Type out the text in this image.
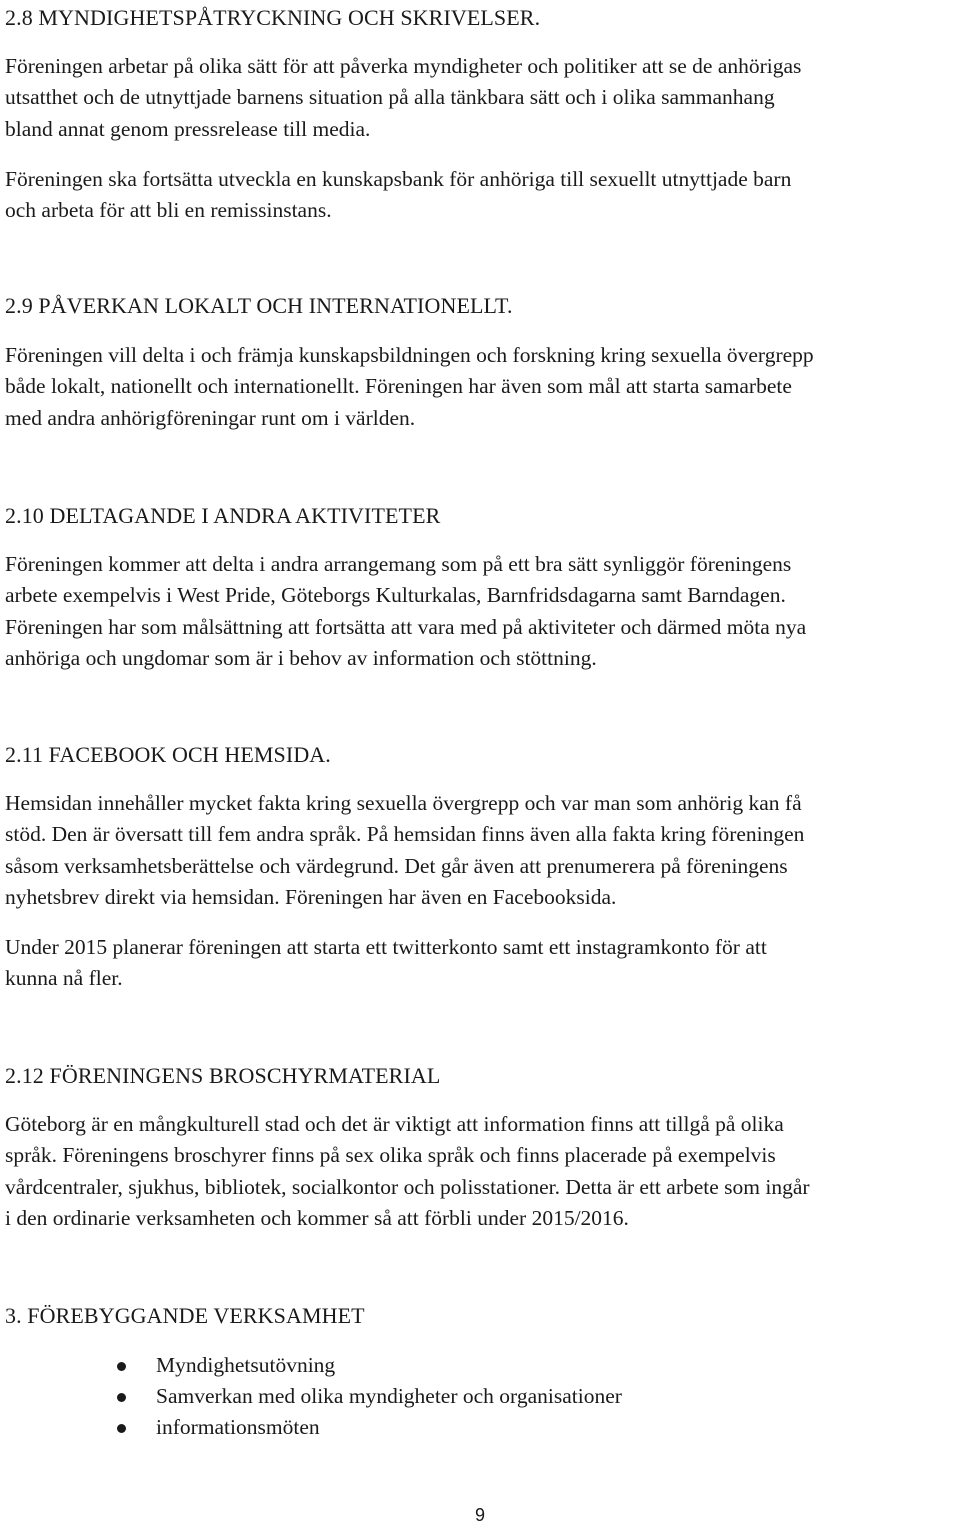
2.8 MYNDIGHETSPÅTRYCKNING OCH SKRIVELSER.

Föreningen arbetar på olika sätt för att påverka myndigheter och politiker att se de anhörigas
utsatthet och de utnyttjade barnens situation på alla tänkbara sätt och i olika sammanhang
bland annat genom pressrelease till media.

Föreningen ska fortsätta utveckla en kunskapsbank för anhöriga till sexuellt utnyttjade barn
och arbeta för att bli en remissinstans.

2.9 PÅVERKAN LOKALT OCH INTERNATIONELLT.

Föreningen vill delta i och främja kunskapsbildningen och forskning kring sexuella övergrepp
både lokalt, nationellt och internationellt. Föreningen har även som mål att starta samarbete
med andra anhörigföreningar runt om i världen.

2.10 DELTAGANDE I ANDRA AKTIVITETER

Föreningen kommer att delta i andra arrangemang som på ett bra sätt synliggör föreningens
arbete exempelvis i West Pride, Göteborgs Kulturkalas, Barnfridsdagarna samt Barndagen.
Föreningen har som målsättning att fortsätta att vara med på aktiviteter och därmed möta nya
anhöriga och ungdomar som är i behov av information och stöttning.

2.11 FACEBOOK OCH HEMSIDA.

Hemsidan innehåller mycket fakta kring sexuella övergrepp och var man som anhörig kan få
stöd. Den är översatt till fem andra språk. På hemsidan finns även alla fakta kring föreningen
såsom verksamhetsberättelse och värdegrund. Det går även att prenumerera på föreningens
nyhetsbrev direkt via hemsidan. Föreningen har även en Facebooksida.

Under 2015 planerar föreningen att starta ett twitterkonto samt ett instagramkonto för att
kunna nå fler.

2.12 FÖRENINGENS BROSCHYRMATERIAL

Göteborg är en mångkulturell stad och det är viktigt att information finns att tillgå på olika
språk. Föreningens broschyrer finns på sex olika språk och finns placerade på exempelvis
vårdcentraler, sjukhus, bibliotek, socialkontor och polisstationer. Detta är ett arbete som ingår
i den ordinarie verksamheten och kommer så att förbli under 2015/2016.

3. FÖREBYGGANDE VERKSAMHET
Myndighetsutövning
Samverkan med olika myndigheter och organisationer
informationsmöten
9
